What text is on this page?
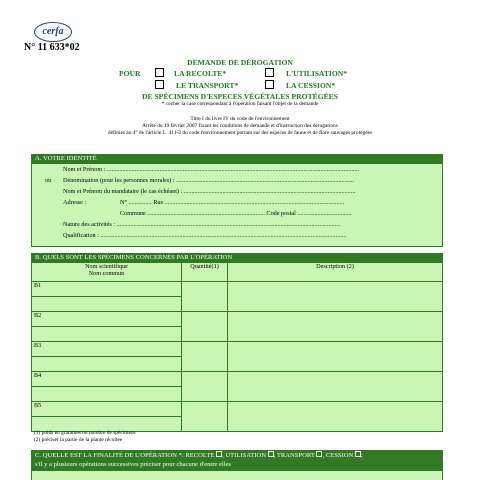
cerfa
N° 11 633*02
DEMANDE DE DÉROGATION
POUR	LA RECOLTE*	L'UTILISATION*
LE TRANSPORT*	LA CESSION*
DE SPÉCIMENS D'ESPECES VÉGÉTALES PROTÉGÉES
* cocher la case correspondant à l'opération faisant l'objet de la demande
Titre I du livre IV du code de l'environnement
Arrêté du 19 février 2007 fixant les conditions de demande et d'instruction des dérogations
définies au 4° de l'article L. 411-2 du code l'environnement portant sur des espèces de faune et de flore sauvages protégées
A. VOTRE IDENTITÉ
Nom et Prénom : ...................................................................................................................................................................
ou Dénomination (pour les personnes morales) : ...................................................................................................................
Nom et Prénom du mandataire (le cas échéant) : ...............................................................................................................
Adresse :	N° ............... Rue ....................................................................................................................
Commune ............................................................................ Code postal ...................................
Nature des activités : .................................................................................................................................................
Qualification : ...............................................................................................................................................................
B. QUELS SONT LES SPÉCIMENS CONCERNÉS PAR L'OPÉRATION
Nom scientifique
Nom commun	Quantité(1)	Description (2)
B1		

B2		

B3		

B4		

B5		

(1) poids en grammes ou nombre de spécimens
(2) préciser la partie de la plante récoltée
C. QUELLE EST LA FINALITÉ DE L'OPÉRATION *: RECOLTE , UTILISATION , TRANSPORT , CESSION ;
s'il y a plusieurs opérations successives préciser pour chacune d'entre elles
